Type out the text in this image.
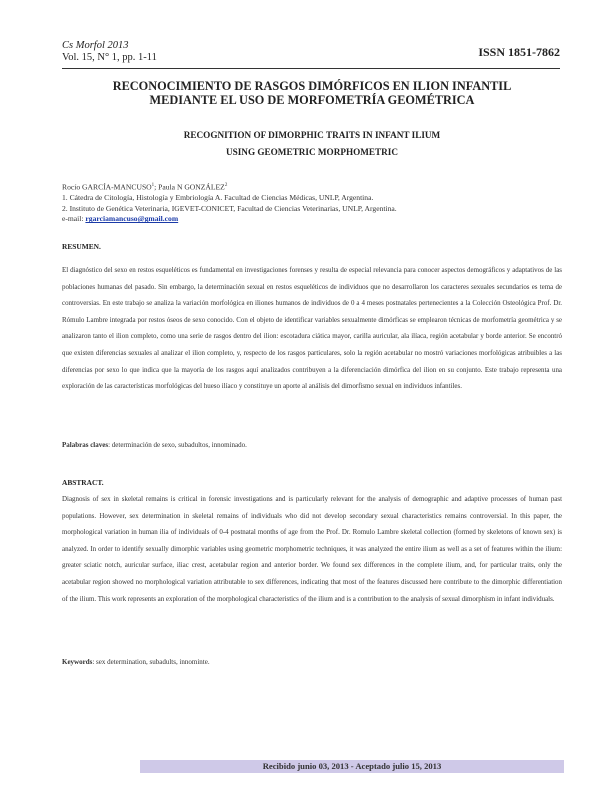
Cs Morfol 2013
Vol. 15, N° 1, pp. 1-11	ISSN 1851-7862
RECONOCIMIENTO DE RASGOS DIMÓRFICOS EN ILION INFANTIL
MEDIANTE EL USO DE MORFOMETRÍA GEOMÉTRICA
RECOGNITION OF DIMORPHIC TRAITS IN INFANT ILIUM
USING GEOMETRIC MORPHOMETRIC
Rocío GARCÍA-MANCUSO$^1$; Paula N GONZÁLEZ$^2$
1. Cátedra de Citología, Histología y Embriología A. Facultad de Ciencias Médicas, UNLP, Argentina.
2. Instituto de Genética Veterinaria, IGEVET-CONICET, Facultad de Ciencias Veterinarias, UNLP, Argentina.
e-mail: rgarciamancuso@gmail.com
RESUMEN.
El diagnóstico del sexo en restos esqueléticos es fundamental en investigaciones forenses y resulta de especial relevancia para conocer aspectos demográficos y adaptativos de las poblaciones humanas del pasado. Sin embargo, la determinación sexual en restos esqueléticos de individuos que no desarrollaron los caracteres sexuales secundarios es tema de controversias. En este trabajo se analiza la variación morfológica en iliones humanos de individuos de 0 a 4 meses postnatales pertenecientes a la Colección Osteológica Prof. Dr. Rómulo Lambre integrada por restos óseos de sexo conocido. Con el objeto de identificar variables sexualmente dimórficas se emplearon técnicas de morfometría geométrica y se analizaron tanto el ilion completo, como una serie de rasgos dentro del ilion: escotadura ciática mayor, carilla auricular, ala ilíaca, región acetabular y borde anterior. Se encontró que existen diferencias sexuales al analizar el ilion completo, y, respecto de los rasgos particulares, solo la región acetabular no mostró variaciones morfológicas atribuibles a las diferencias por sexo lo que indica que la mayoría de los rasgos aquí analizados contribuyen a la diferenciación dimórfica del ilion en su conjunto. Este trabajo representa una exploración de las características morfológicas del hueso ilíaco y constituye un aporte al análisis del dimorfismo sexual en individuos infantiles.
Palabras claves: determinación de sexo, subadultos, innominado.
ABSTRACT.
Diagnosis of sex in skeletal remains is critical in forensic investigations and is particularly relevant for the analysis of demographic and adaptive processes of human past populations. However, sex determination in skeletal remains of individuals who did not develop secondary sexual characteristics remains controversial. In this paper, the morphological variation in human ilia of individuals of 0-4 postnatal months of age from the Prof. Dr. Romulo Lambre skeletal collection (formed by skeletons of known sex) is analyzed. In order to identify sexually dimorphic variables using geometric morphometric techniques, it was analyzed the entire ilium as well as a set of features within the ilium: greater sciatic notch, auricular surface, iliac crest, acetabular region and anterior border. We found sex differences in the complete ilium, and, for particular traits, only the acetabular region showed no morphological variation attributable to sex differences, indicating that most of the features discussed here contribute to the dimorphic differentiation of the ilium. This work represents an exploration of the morphological characteristics of the ilium and is a contribution to the analysis of sexual dimorphism in infant individuals.
Keywords: sex determination, subadults, innominte.
Recibido junio 03, 2013 - Aceptado julio 15, 2013
